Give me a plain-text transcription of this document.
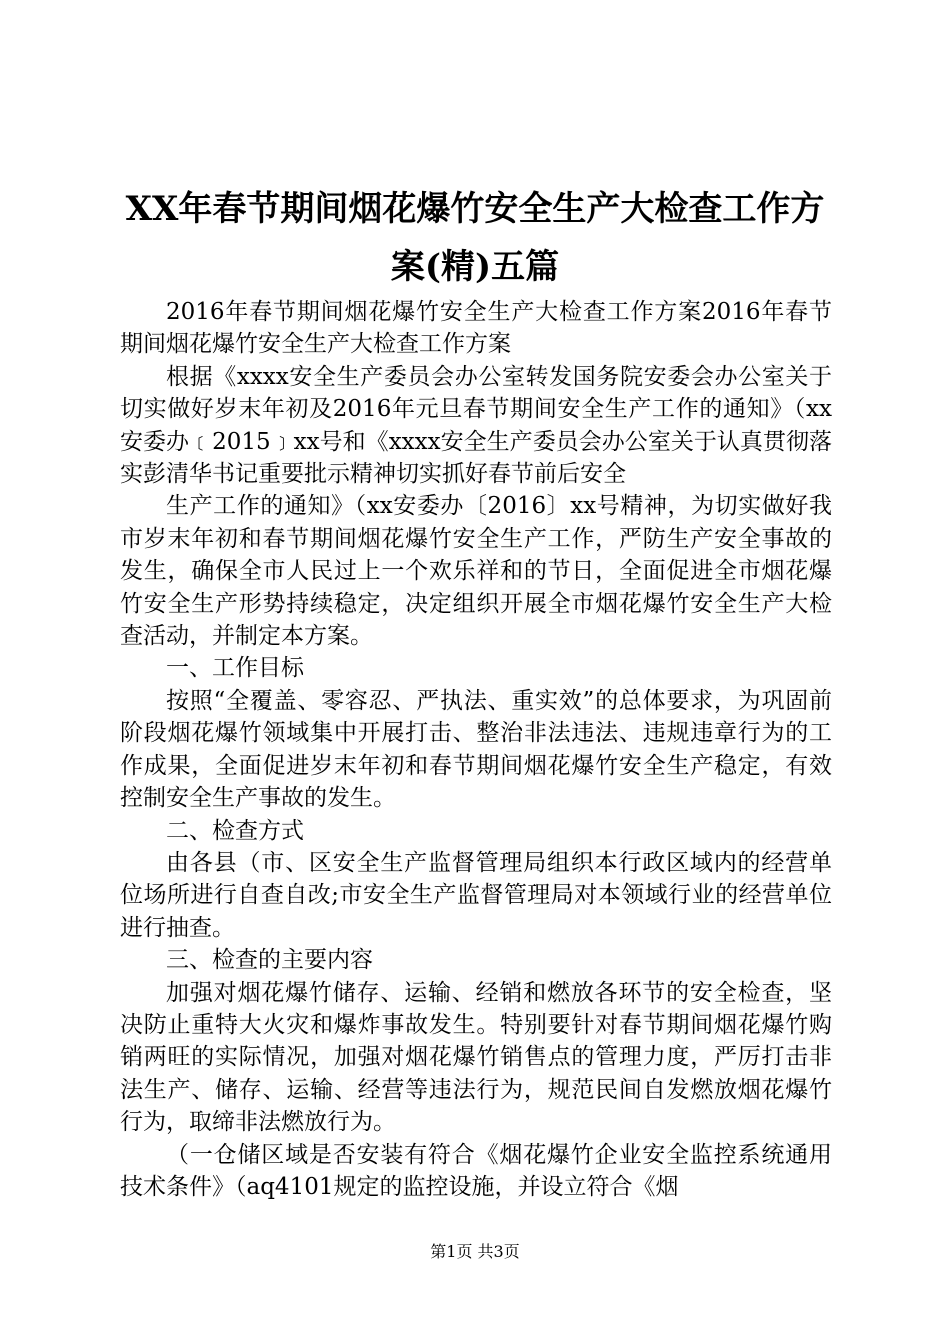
XX年春节期间烟花爆竹安全生产大检查工作方案(精)五篇

2016年春节期间烟花爆竹安全生产大检查工作方案2016年春节期间烟花爆竹安全生产大检查工作方案

根据《xxxx安全生产委员会办公室转发国务院安委会办公室关于切实做好岁末年初及2016年元旦春节期间安全生产工作的通知》（xx安委办﹝2015﹞xx号和《xxxx安全生产委员会办公室关于认真贯彻落实彭清华书记重要批示精神切实抓好春节前后安全

生产工作的通知》（xx安委办〔2016〕xx号精神，为切实做好我市岁末年初和春节期间烟花爆竹安全生产工作，严防生产安全事故的发生，确保全市人民过上一个欢乐祥和的节日，全面促进全市烟花爆竹安全生产形势持续稳定，决定组织开展全市烟花爆竹安全生产大检查活动，并制定本方案。

一、工作目标

按照“全覆盖、零容忍、严执法、重实效”的总体要求，为巩固前阶段烟花爆竹领域集中开展打击、整治非法违法、违规违章行为的工作成果，全面促进岁末年初和春节期间烟花爆竹安全生产稳定，有效控制安全生产事故的发生。

二、检查方式

由各县（市、区安全生产监督管理局组织本行政区域内的经营单位场所进行自查自改;市安全生产监督管理局对本领域行业的经营单位进行抽查。

三、检查的主要内容

加强对烟花爆竹储存、运输、经销和燃放各环节的安全检查，坚决防止重特大火灾和爆炸事故发生。特别要针对春节期间烟花爆竹购销两旺的实际情况，加强对烟花爆竹销售点的管理力度，严厉打击非法生产、储存、运输、经营等违法行为，规范民间自发燃放烟花爆竹行为，取缔非法燃放行为。

（一仓储区域是否安装有符合《烟花爆竹企业安全监控系统通用技术条件》（aq4101规定的监控设施，并设立符合《烟

第1页 共3页
